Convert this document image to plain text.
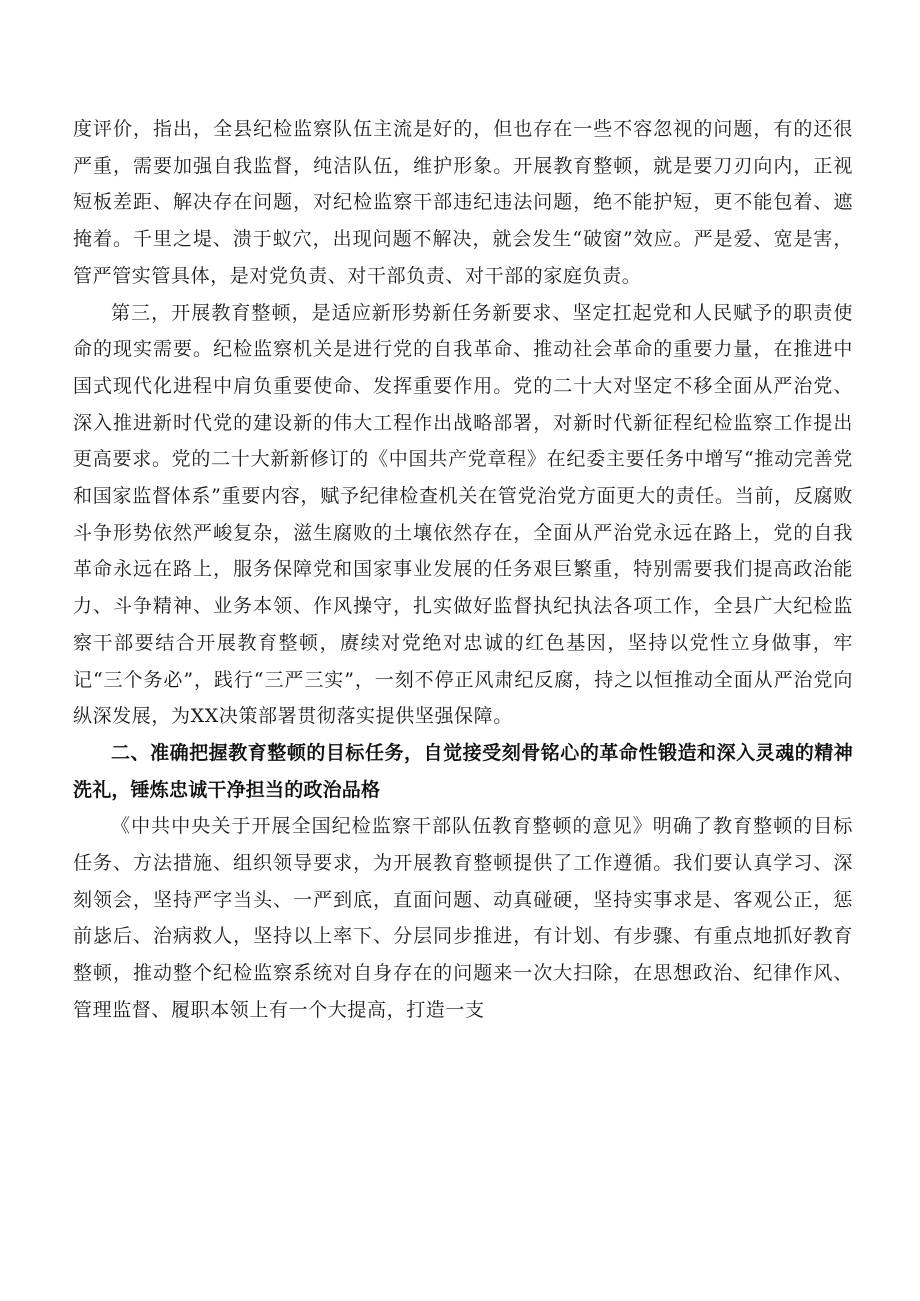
度评价，指出，全县纪检监察队伍主流是好的，但也存在一些不容忽视的问题，有的还很严重，需要加强自我监督，纯洁队伍，维护形象。开展教育整顿，就是要刀刃向内，正视短板差距、解决存在问题，对纪检监察干部违纪违法问题，绝不能护短，更不能包着、遮掩着。千里之堤、溃于蚁穴，出现问题不解决，就会发生“破窗”效应。严是爱、宽是害，管严管实管具体，是对党负责、对干部负责、对干部的家庭负责。

第三，开展教育整顿，是适应新形势新任务新要求、坚定扛起党和人民赋予的职责使命的现实需要。纪检监察机关是进行党的自我革命、推动社会革命的重要力量，在推进中国式现代化进程中肩负重要使命、发挥重要作用。党的二十大对坚定不移全面从严治党、深入推进新时代党的建设新的伟大工程作出战略部署，对新时代新征程纪检监察工作提出更高要求。党的二十大新新修订的《中国共产党章程》在纪委主要任务中增写“推动完善党和国家监督体系”重要内容，赋予纪律检查机关在管党治党方面更大的责任。当前，反腐败斗争形势依然严峻复杂，滋生腐败的土壤依然存在，全面从严治党永远在路上，党的自我革命永远在路上，服务保障党和国家事业发展的任务艰巨繁重，特别需要我们提高政治能力、斗争精神、业务本领、作风操守，扎实做好监督执纪执法各项工作，全县广大纪检监察干部要结合开展教育整顿，赓续对党绝对忠诚的红色基因，坚持以党性立身做事，牢记“三个务必”，践行“三严三实”，一刻不停正风肃纪反腐，持之以恒推动全面从严治党向纵深发展，为XX决策部署贯彻落实提供坚强保障。

二、准确把握教育整顿的目标任务，自觉接受刻骨铭心的革命性锻造和深入灵魂的精神洗礼，锤炼忠诚干净担当的政治品格

《中共中央关于开展全国纪检监察干部队伍教育整顿的意见》明确了教育整顿的目标任务、方法措施、组织领导要求，为开展教育整顿提供了工作遵循。我们要认真学习、深刻领会，坚持严字当头、一严到底，直面问题、动真碰硬，坚持实事求是、客观公正，惩前毖后、治病救人，坚持以上率下、分层同步推进，有计划、有步骤、有重点地抓好教育整顿，推动整个纪检监察系统对自身存在的问题来一次大扫除，在思想政治、纪律作风、管理监督、履职本领上有一个大提高，打造一支
